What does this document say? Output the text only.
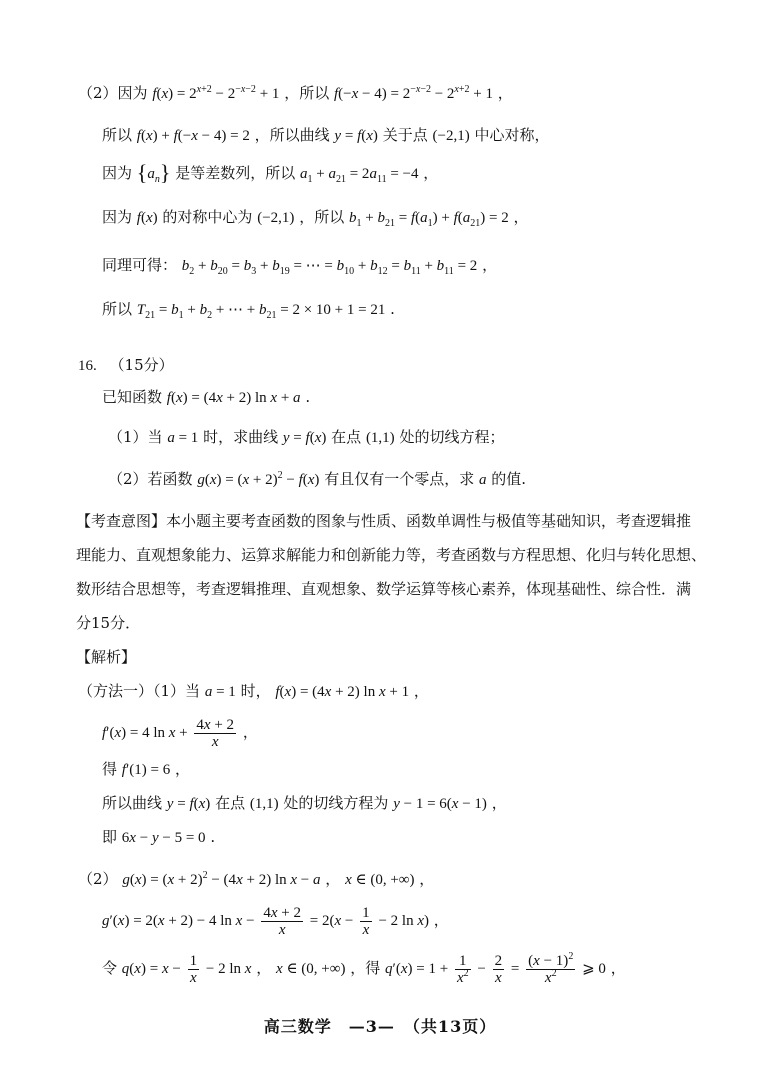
（2）因为 $f(x) = 2^{x+2} - 2^{-x-2} + 1$ ，所以 $f(-x - 4) = 2^{-x-2} - 2^{x+2} + 1$ ，
所以 f(x) + f(−x − 4) = 2 ，所以曲线 y = f(x) 关于点 (−2,1) 中心对称，
因为 $\{a_n\}$ 是等差数列，所以 $a_1 + a_{21} = 2a_{11} = -4$ ，
因为 f(x) 的对称中心为 (−2,1) ，所以 $b_1 + b_{21} = f(a_1) + f(a_{21}) = 2$ ，
同理可得： $b_2 + b_{20} = b_3 + b_{19}$ = ⋯ = $b_{10} + b_{12} = b_{11} + b_{11} = 2$ ，
所以 $T_{21} = b_1 + b_2$ + ⋯ + $b_{21} = 2 \times 10 + 1 = 21$ .
16. （15分）
已知函数 f(x) = (4x + 2) ln x + a .
（1）当 a = 1 时，求曲线 y = f(x) 在点 (1,1) 处的切线方程；
（2）若函数 $g(x) = (x + 2)^2 - f(x)$ 有且仅有一个零点，求 a 的值.
【考查意图】本小题主要考查函数的图象与性质、函数单调性与极值等基础知识，考查逻辑推
理能力、直观想象能力、运算求解能力和创新能力等，考查函数与方程思想、化归与转化思想、
数形结合思想等，考查逻辑推理、直观想象、数学运算等核心素养，体现基础性、综合性．满
分15分．
【解析】
（方法一）（1）当 a = 1 时， f(x) = (4x + 2) ln x + 1 ，
f′(x) = 4 $\ln x + \frac{4x + 2}{x}$ ，
得 f′(1) = 6 ，
所以曲线 y = f(x) 在点 (1,1) 处的切线方程为 y − 1 = 6(x − 1) ，
即 6x − y − 5 = 0 .
（2） $g(x) = (x + 2)^2 - (4x + 2)$ ln x − a ， x ∈ (0, +∞) ，
g′(x) = 2(x + 2) − 4 $\ln x - \frac{4x + 2}{x} = 2(x - \frac{1}{x} - 2$ ln x) ，
令 $q(x) = x - \frac{1}{x} - 2$ ln x ， x ∈ (0, +∞) ，得 $q'(x) = 1 + \frac{1}{x^2} - \frac{2}{x} = \frac{(x - 1)^2}{x^2}$ ⩾ 0 ，
高三数学　—3—　（共13页）
